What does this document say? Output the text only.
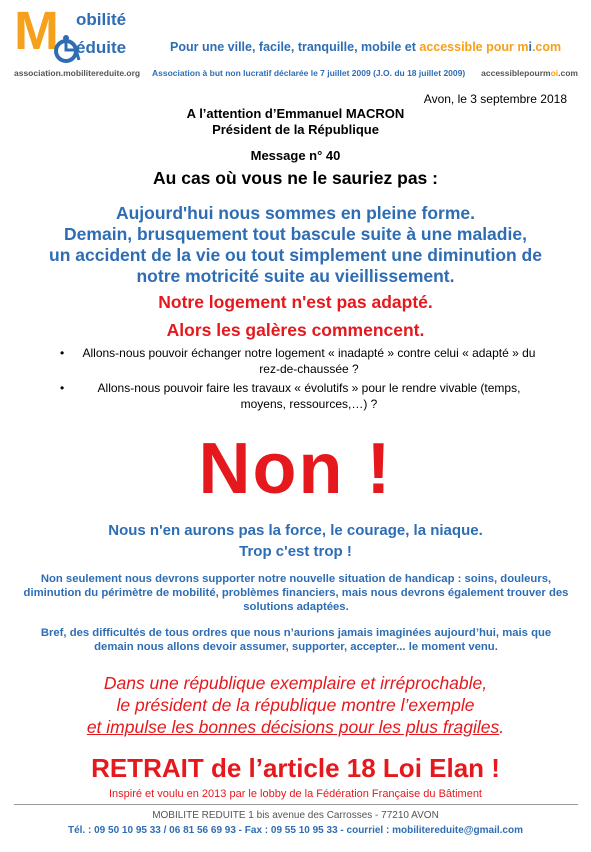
M obilité
éduite	Pour une ville, facile, tranquille, mobile et accessible pour mi.com
association.mobilitereduite.org Association à but non lucratif déclarée le 7 juillet 2009 (J.O. du 18 juillet 2009) accessiblepourmoi.com
Avon, le 3 septembre 2018
A l’attention d’Emmanuel MACRON
Président de la République
Message n° 40
Au cas où vous ne le sauriez pas :
Aujourd'hui nous sommes en pleine forme.
Demain, brusquement tout bascule suite à une maladie,
un accident de la vie ou tout simplement une diminution de
notre motricité suite au vieillissement.
Notre logement n'est pas adapté.
Alors les galères commencent.
• Allons-nous pouvoir échanger notre logement « inadapté » contre celui « adapté » du rez-de-chaussée ?
• Allons-nous pouvoir faire les travaux « évolutifs » pour le rendre vivable (temps, moyens, ressources,…) ?
Non !
Nous n'en aurons pas la force, le courage, la niaque.
Trop c'est trop !
Non seulement nous devrons supporter notre nouvelle situation de handicap : soins, douleurs, diminution du périmètre de mobilité, problèmes financiers, mais nous devrons également trouver des solutions adaptées.
Bref, des difficultés de tous ordres que nous n’aurions jamais imaginées aujourd’hui, mais que demain nous allons devoir assumer, supporter, accepter... le moment venu.
Dans une république exemplaire et irréprochable,
le président de la république montre l’exemple
et impulse les bonnes décisions pour les plus fragiles.
RETRAIT de l’article 18 Loi Elan !
Inspiré et voulu en 2013 par le lobby de la Fédération Française du Bâtiment
MOBILITE REDUITE 1 bis avenue des Carrosses - 77210 AVON
Tél. : 09 50 10 95 33 / 06 81 56 69 93 - Fax : 09 55 10 95 33 - courriel : mobilitereduite@gmail.com
